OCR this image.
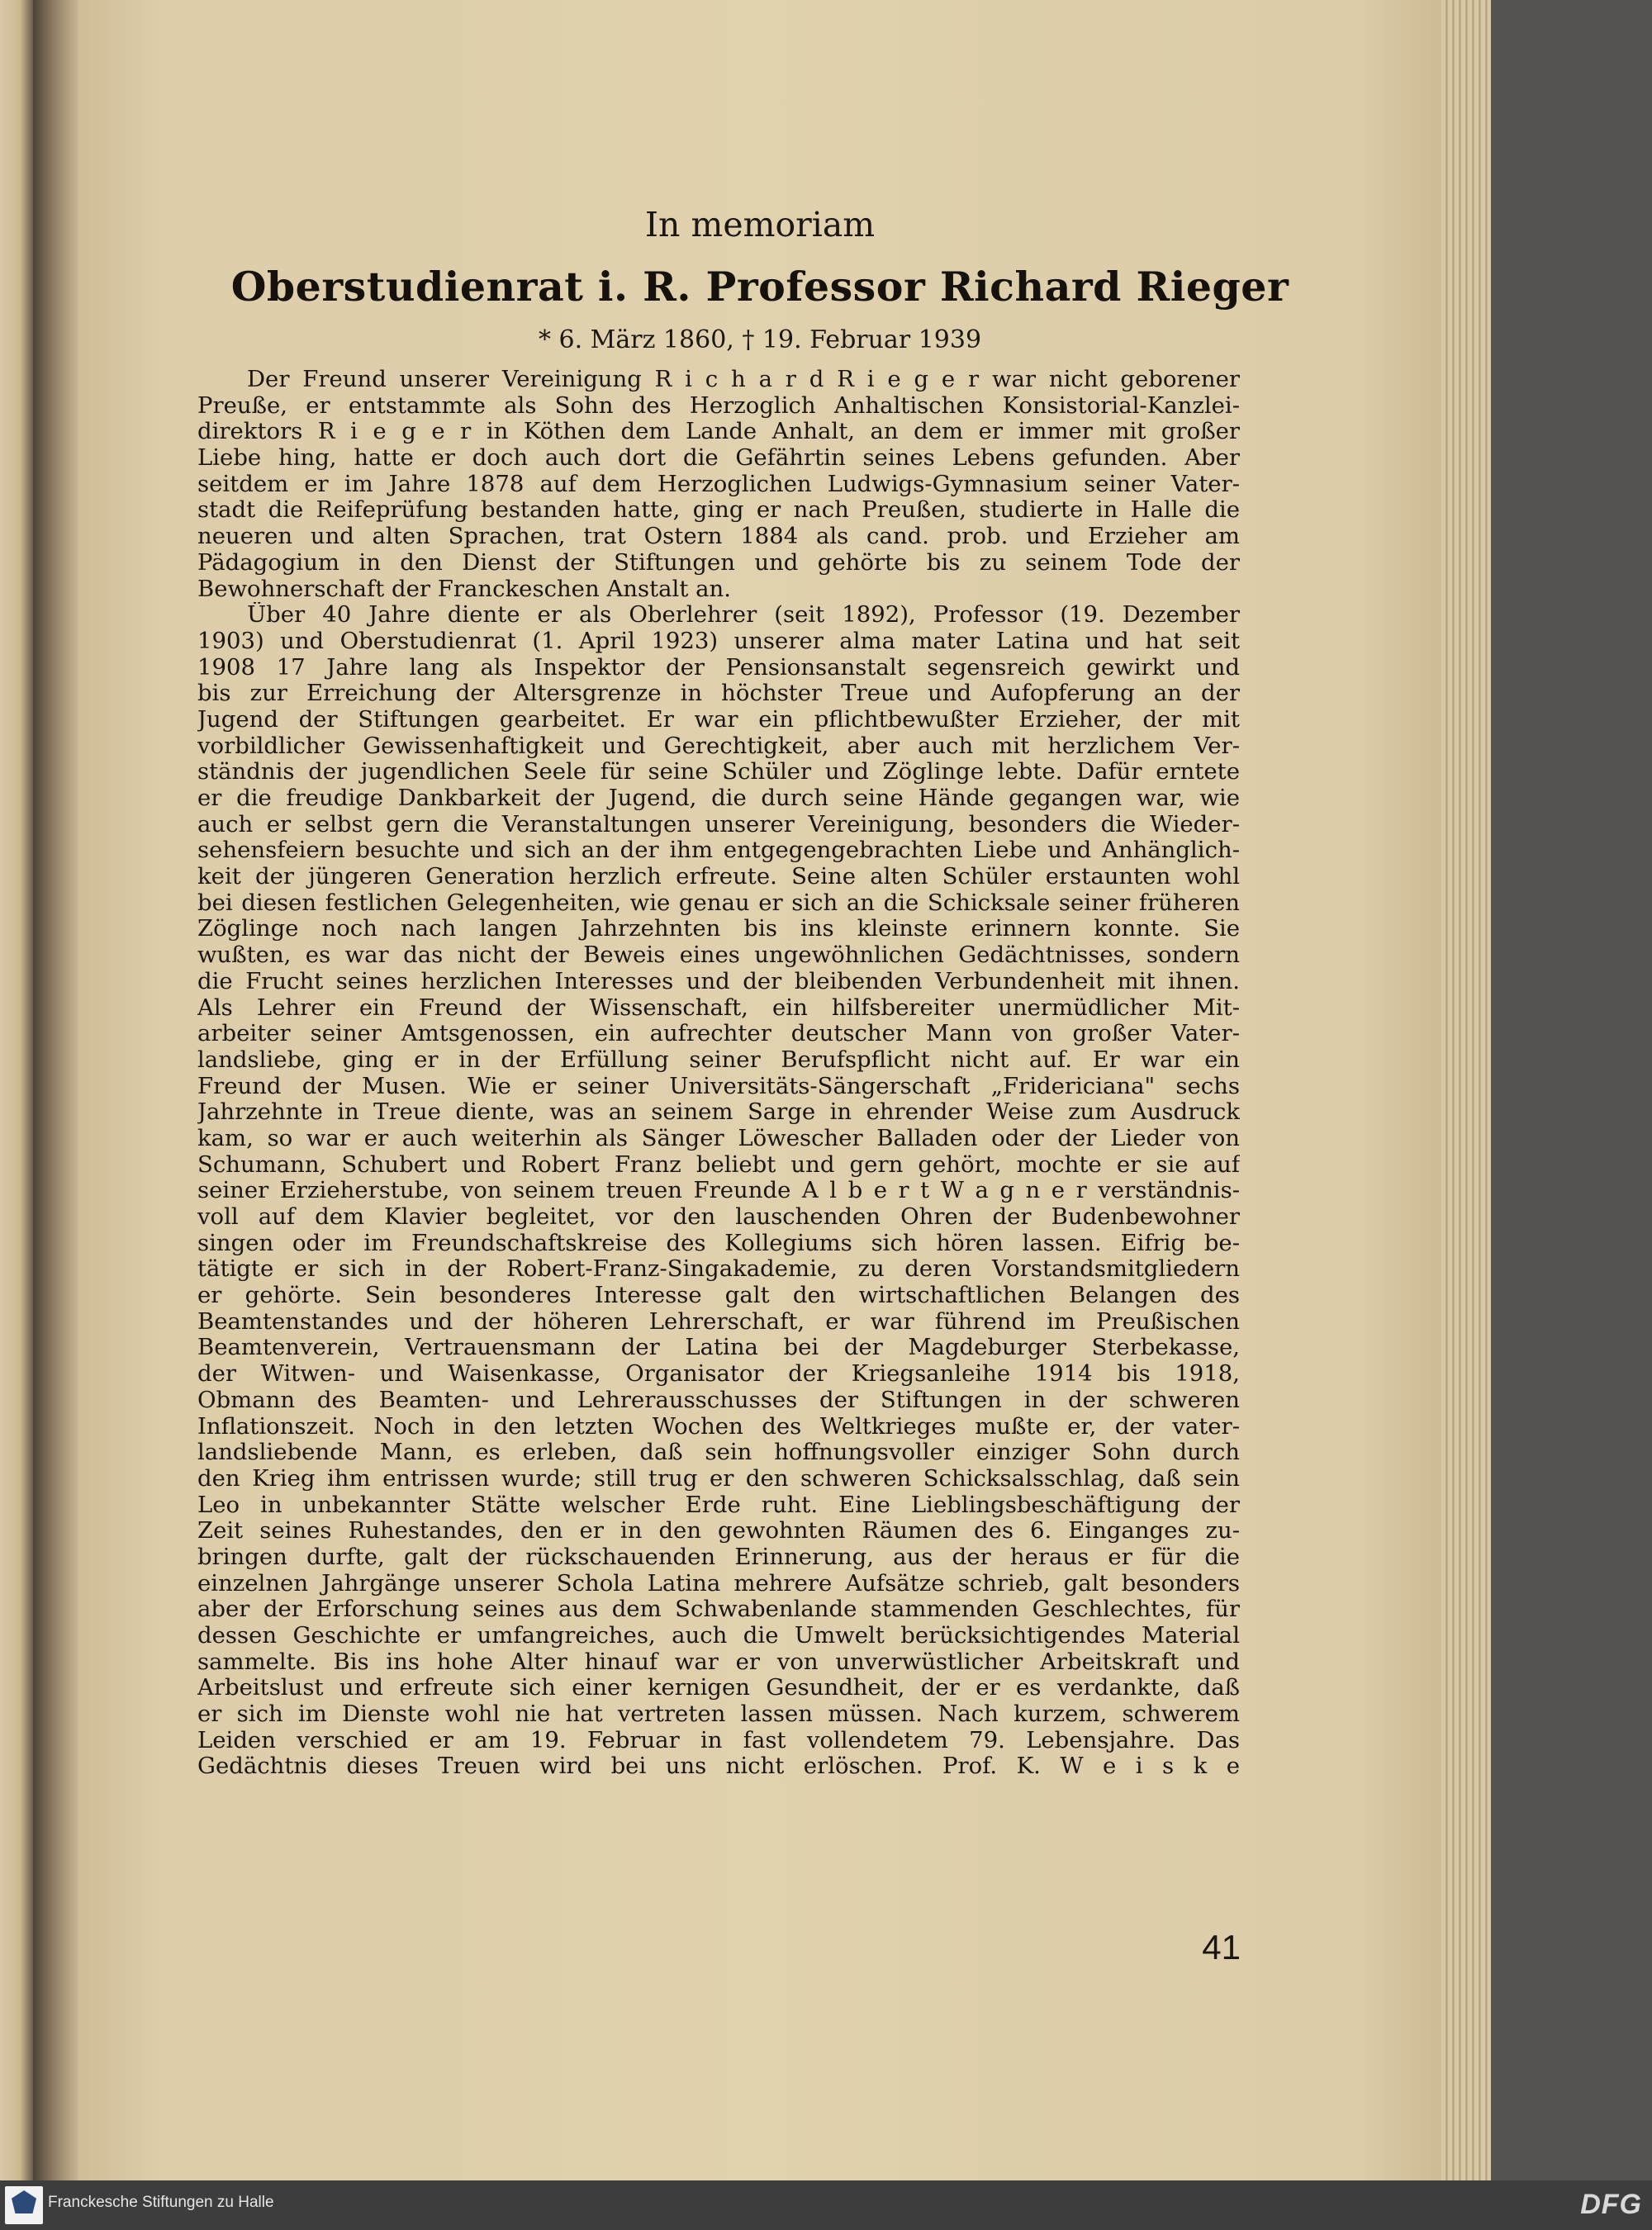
In memoriam
Oberstudienrat i. R. Professor Richard Rieger
* 6. März 1860, † 19. Februar 1939
Der Freund unserer Vereinigung R i c h a r d R i e g e r war nicht geborener
Preuße, er entstammte als Sohn des Herzoglich Anhaltischen Konsistorial-Kanzlei-
direktors R i e g e r in Köthen dem Lande Anhalt, an dem er immer mit großer
Liebe hing, hatte er doch auch dort die Gefährtin seines Lebens gefunden. Aber
seitdem er im Jahre 1878 auf dem Herzoglichen Ludwigs-Gymnasium seiner Vater-
stadt die Reifeprüfung bestanden hatte, ging er nach Preußen, studierte in Halle die
neueren und alten Sprachen, trat Ostern 1884 als cand. prob. und Erzieher am
Pädagogium in den Dienst der Stiftungen und gehörte bis zu seinem Tode der
Bewohnerschaft der Franckeschen Anstalt an.
Über 40 Jahre diente er als Oberlehrer (seit 1892), Professor (19. Dezember
1903) und Oberstudienrat (1. April 1923) unserer alma mater Latina und hat seit
1908 17 Jahre lang als Inspektor der Pensionsanstalt segensreich gewirkt und
bis zur Erreichung der Altersgrenze in höchster Treue und Aufopferung an der
Jugend der Stiftungen gearbeitet. Er war ein pflichtbewußter Erzieher, der mit
vorbildlicher Gewissenhaftigkeit und Gerechtigkeit, aber auch mit herzlichem Ver-
ständnis der jugendlichen Seele für seine Schüler und Zöglinge lebte. Dafür erntete
er die freudige Dankbarkeit der Jugend, die durch seine Hände gegangen war, wie
auch er selbst gern die Veranstaltungen unserer Vereinigung, besonders die Wieder-
sehensfeiern besuchte und sich an der ihm entgegengebrachten Liebe und Anhänglich-
keit der jüngeren Generation herzlich erfreute. Seine alten Schüler erstaunten wohl
bei diesen festlichen Gelegenheiten, wie genau er sich an die Schicksale seiner früheren
Zöglinge noch nach langen Jahrzehnten bis ins kleinste erinnern konnte. Sie
wußten, es war das nicht der Beweis eines ungewöhnlichen Gedächtnisses, sondern
die Frucht seines herzlichen Interesses und der bleibenden Verbundenheit mit ihnen.
Als Lehrer ein Freund der Wissenschaft, ein hilfsbereiter unermüdlicher Mit-
arbeiter seiner Amtsgenossen, ein aufrechter deutscher Mann von großer Vater-
landsliebe, ging er in der Erfüllung seiner Berufspflicht nicht auf. Er war ein
Freund der Musen. Wie er seiner Universitäts-Sängerschaft „Fridericiana" sechs
Jahrzehnte in Treue diente, was an seinem Sarge in ehrender Weise zum Ausdruck
kam, so war er auch weiterhin als Sänger Löwescher Balladen oder der Lieder von
Schumann, Schubert und Robert Franz beliebt und gern gehört, mochte er sie auf
seiner Erzieherstube, von seinem treuen Freunde A l b e r t W a g n e r verständnis-
voll auf dem Klavier begleitet, vor den lauschenden Ohren der Budenbewohner
singen oder im Freundschaftskreise des Kollegiums sich hören lassen. Eifrig be-
tätigte er sich in der Robert-Franz-Singakademie, zu deren Vorstandsmitgliedern
er gehörte. Sein besonderes Interesse galt den wirtschaftlichen Belangen des
Beamtenstandes und der höheren Lehrerschaft, er war führend im Preußischen
Beamtenverein, Vertrauensmann der Latina bei der Magdeburger Sterbekasse,
der Witwen- und Waisenkasse, Organisator der Kriegsanleihe 1914 bis 1918,
Obmann des Beamten- und Lehrerausschusses der Stiftungen in der schweren
Inflationszeit. Noch in den letzten Wochen des Weltkrieges mußte er, der vater-
landsliebende Mann, es erleben, daß sein hoffnungsvoller einziger Sohn durch
den Krieg ihm entrissen wurde; still trug er den schweren Schicksalsschlag, daß sein
Leo in unbekannter Stätte welscher Erde ruht. Eine Lieblingsbeschäftigung der
Zeit seines Ruhestandes, den er in den gewohnten Räumen des 6. Einganges zu-
bringen durfte, galt der rückschauenden Erinnerung, aus der heraus er für die
einzelnen Jahrgänge unserer Schola Latina mehrere Aufsätze schrieb, galt besonders
aber der Erforschung seines aus dem Schwabenlande stammenden Geschlechtes, für
dessen Geschichte er umfangreiches, auch die Umwelt berücksichtigendes Material
sammelte. Bis ins hohe Alter hinauf war er von unverwüstlicher Arbeitskraft und
Arbeitslust und erfreute sich einer kernigen Gesundheit, der er es verdankte, daß
er sich im Dienste wohl nie hat vertreten lassen müssen. Nach kurzem, schwerem
Leiden verschied er am 19. Februar in fast vollendetem 79. Lebensjahre. Das
Gedächtnis dieses Treuen wird bei uns nicht erlöschen. Prof. K. W e i s k e
41
Franckesche Stiftungen zu Halle	DFG
